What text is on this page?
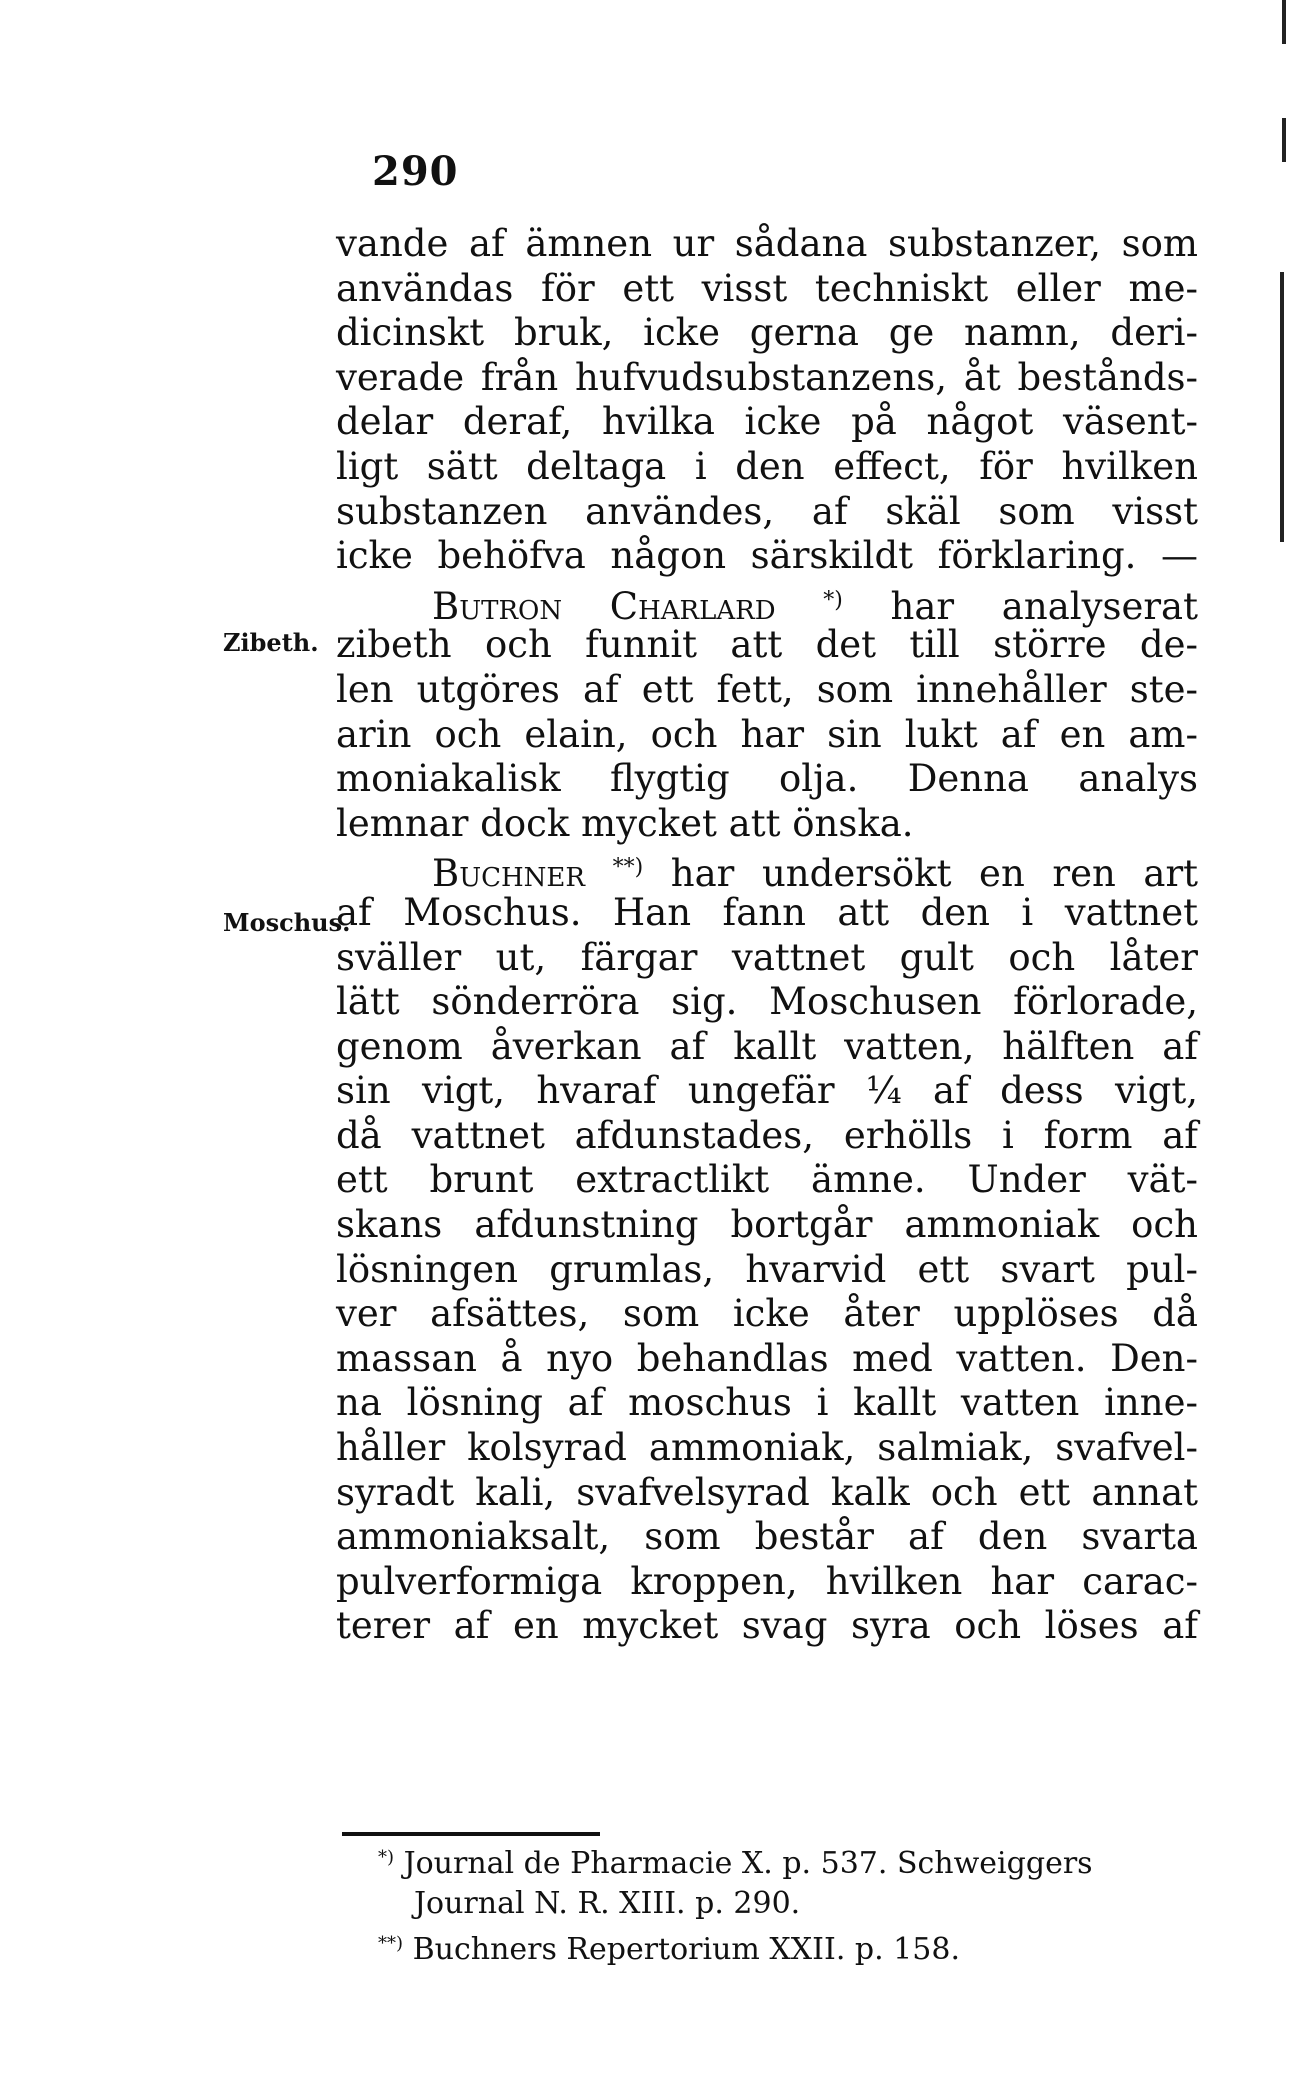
290
Zibeth.
Moschus.
vande af ämnen ur sådana substanzer, som
användas för ett visst techniskt eller me-
dicinskt bruk, icke gerna ge namn, deri-
verade från hufvudsubstanzens, åt bestånds-
delar deraf, hvilka icke på något väsent-
ligt sätt deltaga i den effect, för hvilken
substanzen användes, af skäl som visst
icke behöfva någon särskildt förklaring. —
Butron Charlard *) har analyserat
zibeth och funnit att det till större de-
len utgöres af ett fett, som innehåller ste-
arin och elain, och har sin lukt af en am-
moniakalisk flygtig olja. Denna analys
lemnar dock mycket att önska.
Buchner **) har undersökt en ren art
af Moschus. Han fann att den i vattnet
sväller ut, färgar vattnet gult och låter
lätt sönderröra sig. Moschusen förlorade,
genom åverkan af kallt vatten, hälften af
sin vigt, hvaraf ungefär ¼ af dess vigt,
då vattnet afdunstades, erhölls i form af
ett brunt extractlikt ämne. Under vät-
skans afdunstning bortgår ammoniak och
lösningen grumlas, hvarvid ett svart pul-
ver afsättes, som icke åter upplöses då
massan å nyo behandlas med vatten. Den-
na lösning af moschus i kallt vatten inne-
håller kolsyrad ammoniak, salmiak, svafvel-
syradt kali, svafvelsyrad kalk och ett annat
ammoniaksalt, som består af den svarta
pulverformiga kroppen, hvilken har carac-
terer af en mycket svag syra och löses af
*) Journal de Pharmacie X. p. 537. Schweiggers
Journal N. R. XIII. p. 290.
**) Buchners Repertorium XXII. p. 158.
